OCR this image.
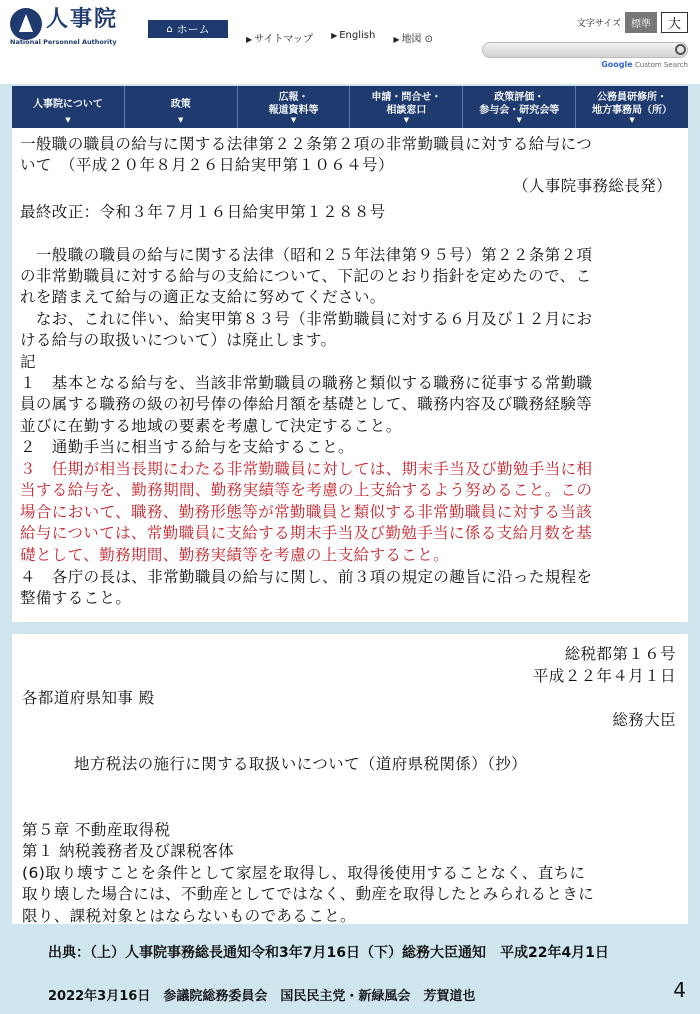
人事院
National Personnel Authority
⌂ ホーム
▶ サイトマップ ▶ English ▶ 地図 ⊙
文字サイズ	標準	大
Google Custom Search
人事院について
▼
政策
▼
広報・
報道資料等
▼
申請・問合せ・
相談窓口
▼
政策評価・
参与会・研究会等
▼
公務員研修所・
地方事務局（所）
▼
一般職の職員の給与に関する法律第２２条第２項の非常勤職員に対する給与につ
いて　（平成２０年８月２６日給実甲第１０６４号）
（人事院事務総長発）
最終改正：令和３年７月１６日給実甲第１２８８号
　一般職の職員の給与に関する法律（昭和２５年法律第９５号）第２２条第２項
の非常勤職員に対する給与の支給について、下記のとおり指針を定めたので、こ
れを踏まえて給与の適正な支給に努めてください。
　なお、これに伴い、給実甲第８３号（非常勤職員に対する６月及び１２月にお
ける給与の取扱いについて）は廃止します。
記
１　基本となる給与を、当該非常勤職員の職務と類似する職務に従事する常勤職
員の属する職務の級の初号俸の俸給月額を基礎として、職務内容及び職務経験等
並びに在勤する地域の要素を考慮して決定すること。
２　通勤手当に相当する給与を支給すること。
３　任期が相当長期にわたる非常勤職員に対しては、期末手当及び勤勉手当に相
当する給与を、勤務期間、勤務実績等を考慮の上支給するよう努めること。この
場合において、職務、勤務形態等が常勤職員と類似する非常勤職員に対する当該
給与については、常勤職員に支給する期末手当及び勤勉手当に係る支給月数を基
礎として、勤務期間、勤務実績等を考慮の上支給すること。
４　各庁の長は、非常勤職員の給与に関し、前３項の規定の趣旨に沿った規程を
整備すること。
総税都第１６号
平成２２年４月１日
各都道府県知事 殿
総務大臣
地方税法の施行に関する取扱いについて（道府県税関係）（抄）
第５章 不動産取得税
第１ 納税義務者及び課税客体
(6)取り壊すことを条件として家屋を取得し、取得後使用することなく、直ちに
取り壊した場合には、不動産としてではなく、動産を取得したとみられるときに
限り、課税対象とはならないものであること。
出典：（上）人事院事務総長通知令和3年7月16日（下）総務大臣通知　平成22年4月1日
2022年3月16日　参議院総務委員会　国民民主党・新緑風会　芳賀道也	4
